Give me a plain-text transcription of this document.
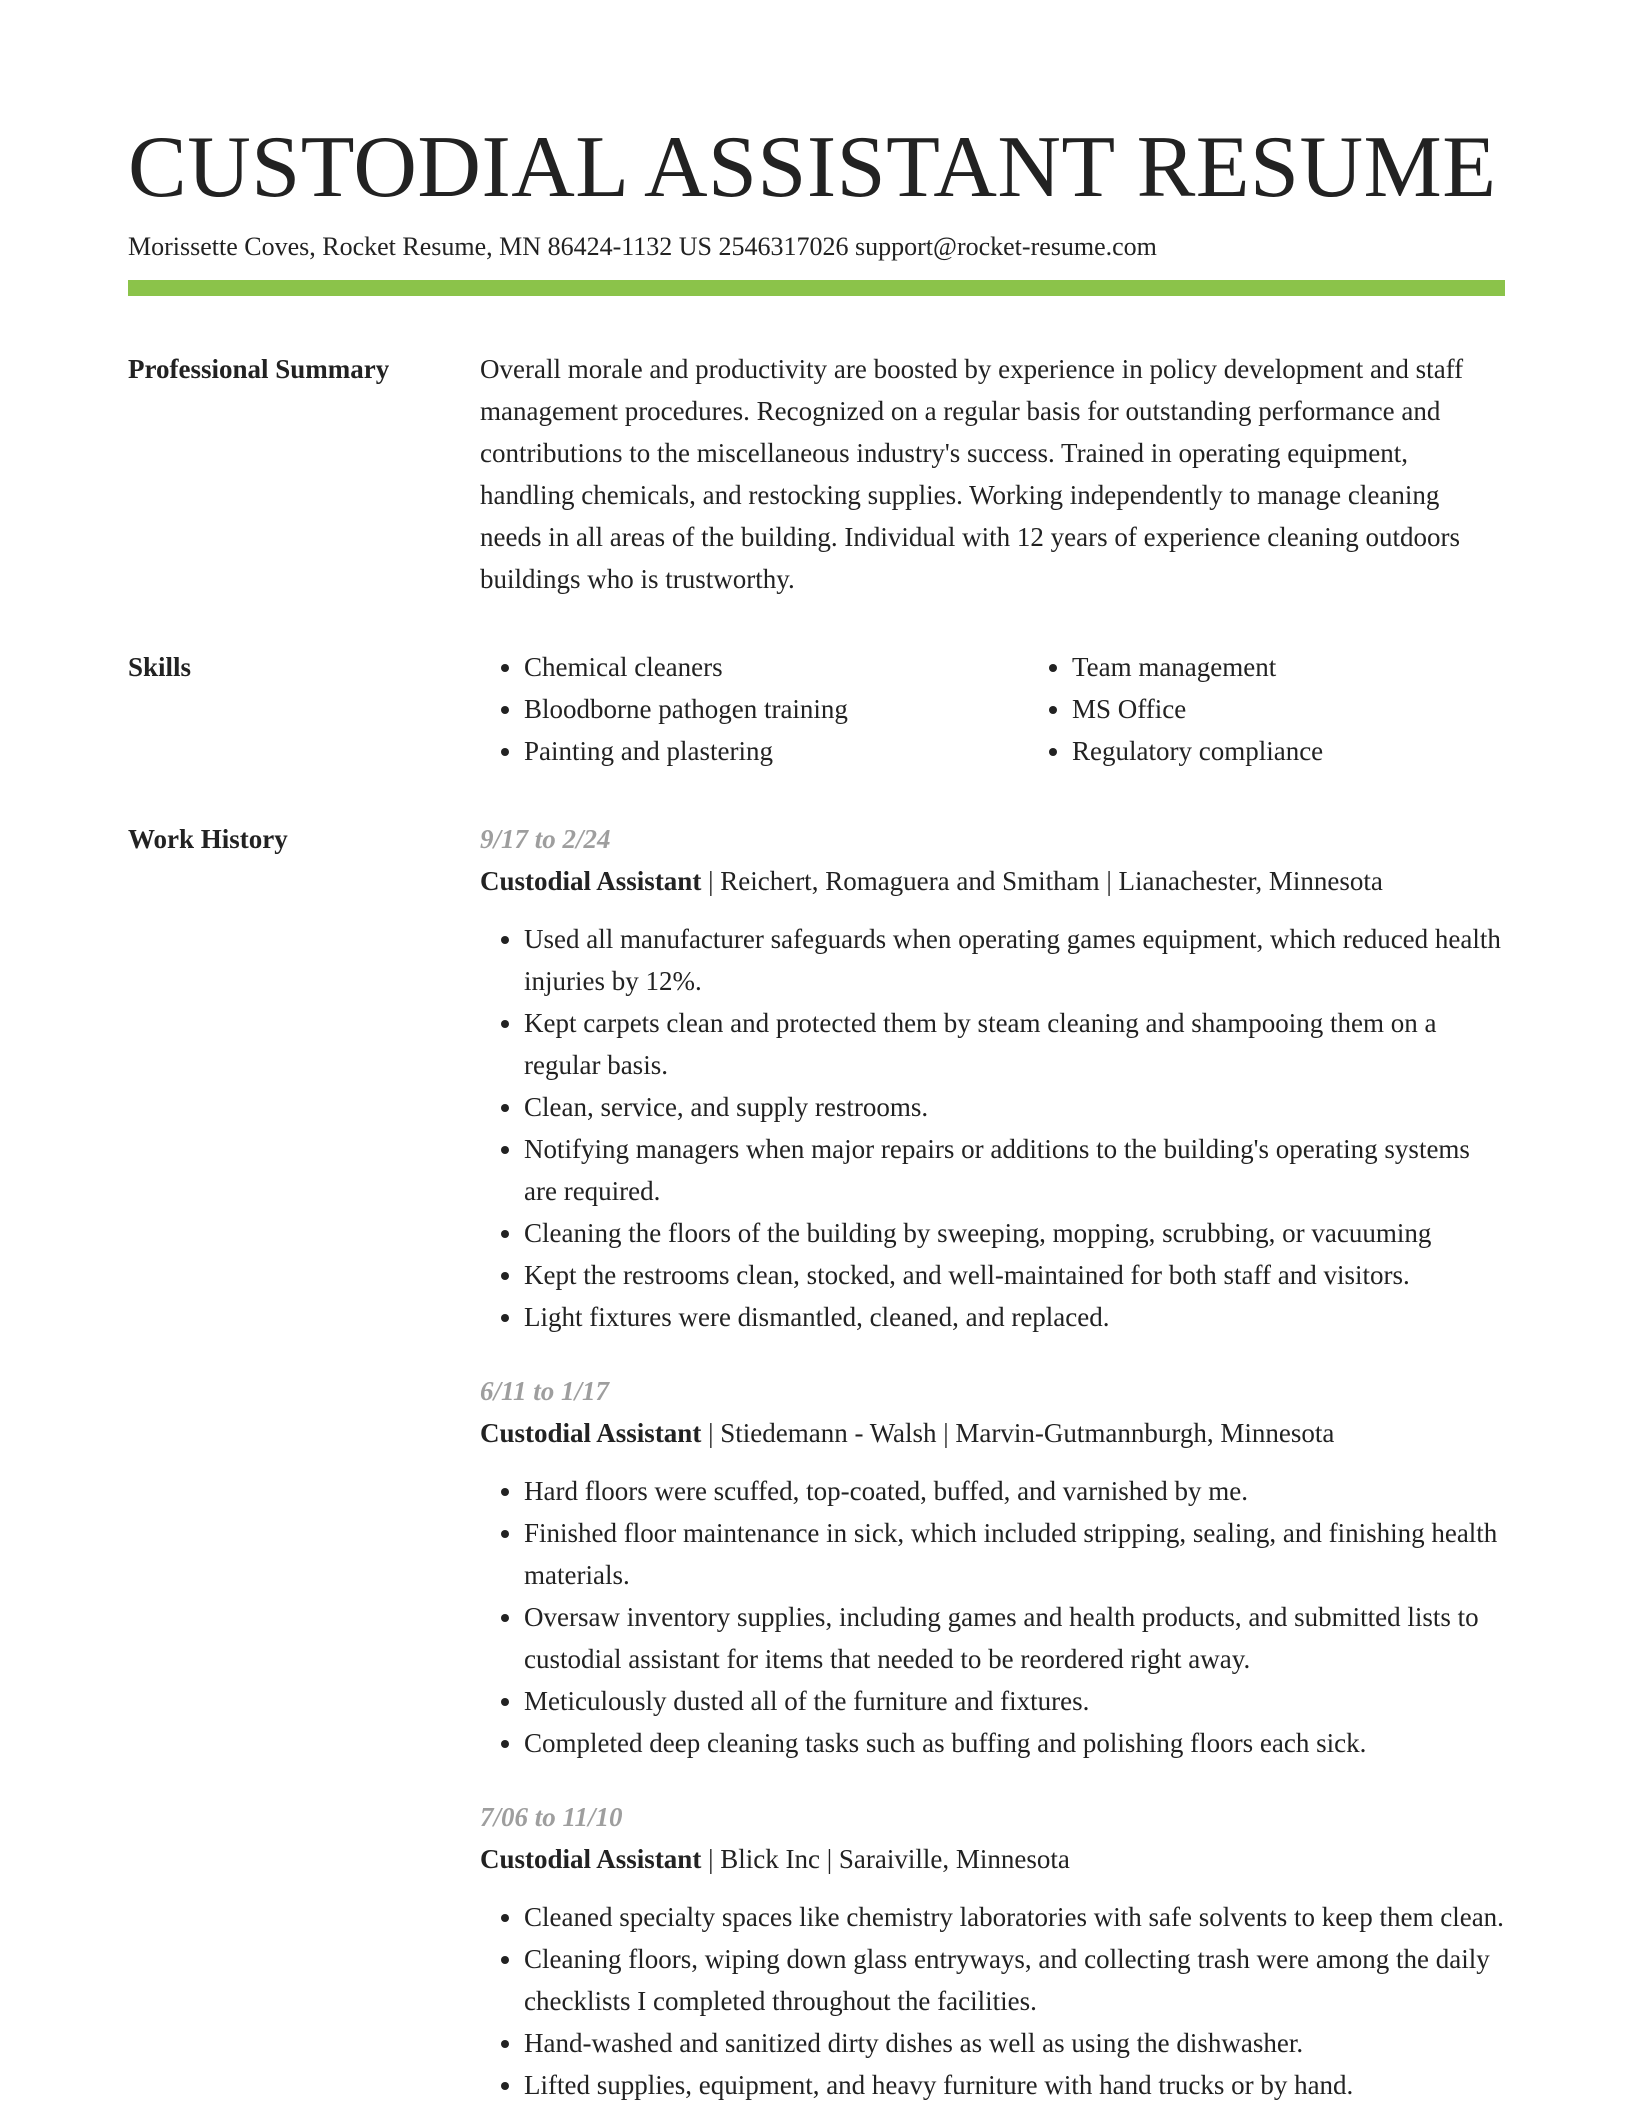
CUSTODIAL ASSISTANT RESUME
Morissette Coves, Rocket Resume, MN 86424-1132 US 2546317026 support@rocket-resume.com
Professional Summary	Overall morale and productivity are boosted by experience in policy development and staff management procedures. Recognized on a regular basis for outstanding performance and contributions to the miscellaneous industry's success. Trained in operating equipment, handling chemicals, and restocking supplies. Working independently to manage cleaning needs in all areas of the building. Individual with 12 years of experience cleaning outdoors buildings who is trustworthy.

Skills
•	Chemical cleaners
• Bloodborne pathogen training
• Painting and plastering
• Team management
• MS Office
• Regulatory compliance
Work History	9/17 to 2/24
Custodial Assistant | Reichert, Romaguera and Smitham | Lianachester, Minnesota
• Used all manufacturer safeguards when operating games equipment, which reduced health injuries by 12%.
• Kept carpets clean and protected them by steam cleaning and shampooing them on a regular basis.
• Clean, service, and supply restrooms.
• Notifying managers when major repairs or additions to the building's operating systems are required.
• Cleaning the floors of the building by sweeping, mopping, scrubbing, or vacuuming
• Kept the restrooms clean, stocked, and well-maintained for both staff and visitors.
• Light fixtures were dismantled, cleaned, and replaced.
6/11 to 1/17
Custodial Assistant | Stiedemann - Walsh | Marvin-Gutmannburgh, Minnesota
• Hard floors were scuffed, top-coated, buffed, and varnished by me.
• Finished floor maintenance in sick, which included stripping, sealing, and finishing health materials.
• Oversaw inventory supplies, including games and health products, and submitted lists to custodial assistant for items that needed to be reordered right away.
• Meticulously dusted all of the furniture and fixtures.
• Completed deep cleaning tasks such as buffing and polishing floors each sick.
7/06 to 11/10
Custodial Assistant | Blick Inc | Saraiville, Minnesota
• Cleaned specialty spaces like chemistry laboratories with safe solvents to keep them clean.
• Cleaning floors, wiping down glass entryways, and collecting trash were among the daily checklists I completed throughout the facilities.
• Hand-washed and sanitized dirty dishes as well as using the dishwasher.
• Lifted supplies, equipment, and heavy furniture with hand trucks or by hand.
